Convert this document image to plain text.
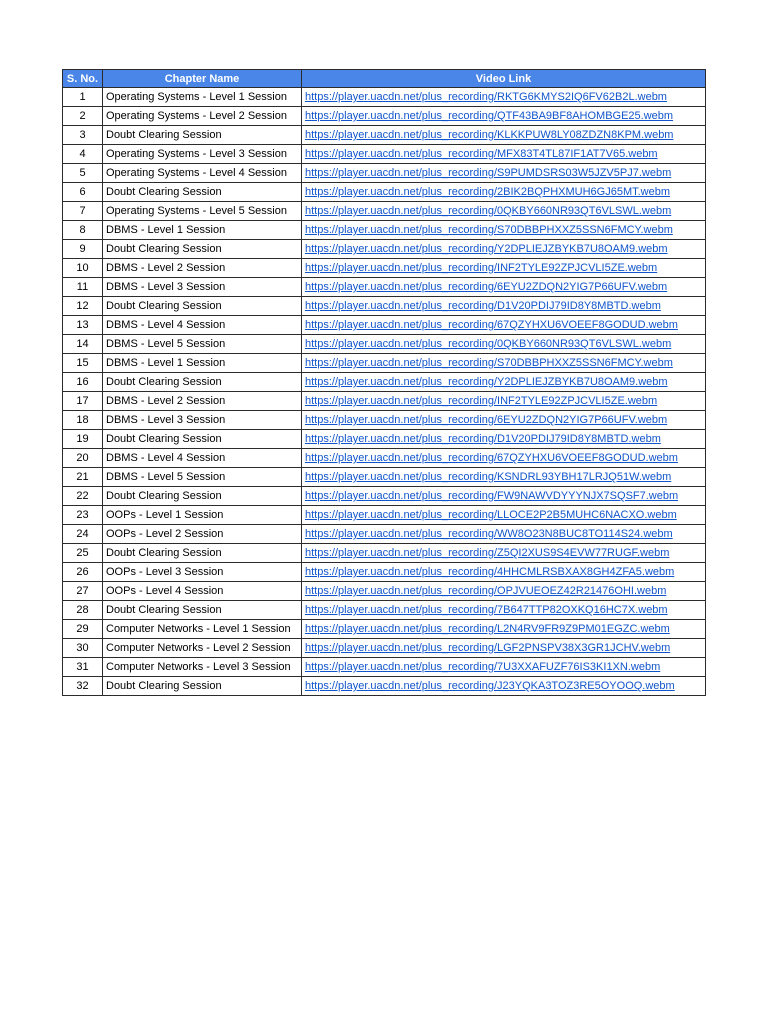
S. No.	Chapter Name	Video Link
1	Operating Systems - Level 1 Session	https://player.uacdn.net/plus_recording/RKTG6KMYS2IQ6FV62B2L.webm
2	Operating Systems - Level 2 Session	https://player.uacdn.net/plus_recording/QTF43BA9BF8AHOMBGE25.webm
3	Doubt Clearing Session	https://player.uacdn.net/plus_recording/KLKKPUW8LY08ZDZN8KPM.webm
4	Operating Systems - Level 3 Session	https://player.uacdn.net/plus_recording/MFX83T4TL87IF1AT7V65.webm
5	Operating Systems - Level 4 Session	https://player.uacdn.net/plus_recording/S9PUMDSRS03W5JZV5PJ7.webm
6	Doubt Clearing Session	https://player.uacdn.net/plus_recording/2BIK2BQPHXMUH6GJ65MT.webm
7	Operating Systems - Level 5 Session	https://player.uacdn.net/plus_recording/0QKBY660NR93QT6VLSWL.webm
8	DBMS - Level 1 Session	https://player.uacdn.net/plus_recording/S70DBBPHXXZ5SSN6FMCY.webm
9	Doubt Clearing Session	https://player.uacdn.net/plus_recording/Y2DPLIEJZBYKB7U8OAM9.webm
10	DBMS - Level 2 Session	https://player.uacdn.net/plus_recording/INF2TYLE92ZPJCVLI5ZE.webm
11	DBMS - Level 3 Session	https://player.uacdn.net/plus_recording/6EYU2ZDQN2YIG7P66UFV.webm
12	Doubt Clearing Session	https://player.uacdn.net/plus_recording/D1V20PDIJ79ID8Y8MBTD.webm
13	DBMS - Level 4 Session	https://player.uacdn.net/plus_recording/67QZYHXU6VOEEF8GODUD.webm
14	DBMS - Level 5 Session	https://player.uacdn.net/plus_recording/0QKBY660NR93QT6VLSWL.webm
15	DBMS - Level 1 Session	https://player.uacdn.net/plus_recording/S70DBBPHXXZ5SSN6FMCY.webm
16	Doubt Clearing Session	https://player.uacdn.net/plus_recording/Y2DPLIEJZBYKB7U8OAM9.webm
17	DBMS - Level 2 Session	https://player.uacdn.net/plus_recording/INF2TYLE92ZPJCVLI5ZE.webm
18	DBMS - Level 3 Session	https://player.uacdn.net/plus_recording/6EYU2ZDQN2YIG7P66UFV.webm
19	Doubt Clearing Session	https://player.uacdn.net/plus_recording/D1V20PDIJ79ID8Y8MBTD.webm
20	DBMS - Level 4 Session	https://player.uacdn.net/plus_recording/67QZYHXU6VOEEF8GODUD.webm
21	DBMS - Level 5 Session	https://player.uacdn.net/plus_recording/KSNDRL93YBH17LRJQ51W.webm
22	Doubt Clearing Session	https://player.uacdn.net/plus_recording/FW9NAWVDYYYNJX7SQSF7.webm
23	OOPs - Level 1 Session	https://player.uacdn.net/plus_recording/LLOCE2P2B5MUHC6NACXO.webm
24	OOPs - Level 2 Session	https://player.uacdn.net/plus_recording/WW8O23N8BUC8TO114S24.webm
25	Doubt Clearing Session	https://player.uacdn.net/plus_recording/Z5QI2XUS9S4EVW77RUGF.webm
26	OOPs - Level 3 Session	https://player.uacdn.net/plus_recording/4HHCMLRSBXAX8GH4ZFA5.webm
27	OOPs - Level 4 Session	https://player.uacdn.net/plus_recording/OPJVUEOEZ42R21476OHI.webm
28	Doubt Clearing Session	https://player.uacdn.net/plus_recording/7B647TTP82OXKQ16HC7X.webm
29	Computer Networks - Level 1 Session	https://player.uacdn.net/plus_recording/L2N4RV9FR9Z9PM01EGZC.webm
30	Computer Networks - Level 2 Session	https://player.uacdn.net/plus_recording/LGF2PNSPV38X3GR1JCHV.webm
31	Computer Networks - Level 3 Session	https://player.uacdn.net/plus_recording/7U3XXAFUZF76IS3KI1XN.webm
32	Doubt Clearing Session	https://player.uacdn.net/plus_recording/J23YQKA3TOZ3RE5OYOOQ.webm
